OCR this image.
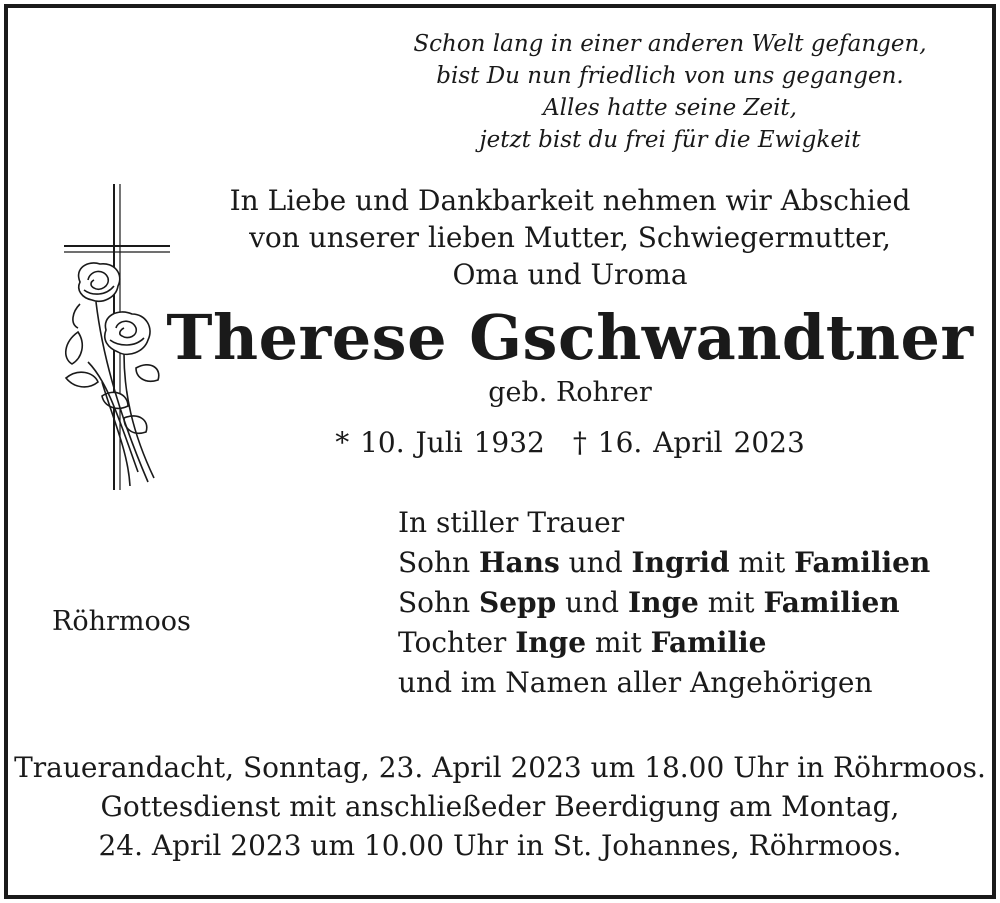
Schon lang in einer anderen Welt gefangen,
bist Du nun friedlich von uns gegangen.
Alles hatte seine Zeit,
jetzt bist du frei für die Ewigkeit
In Liebe und Dankbarkeit nehmen wir Abschied
von unserer lieben Mutter, Schwiegermutter,
Oma und Uroma
Therese Gschwandtner
geb. Rohrer
* 10. Juli 1932 † 16. April 2023
In stiller Trauer
Sohn Hans und Ingrid mit Familien
Sohn Sepp und Inge mit Familien
Tochter Inge mit Familie
und im Namen aller Angehörigen
Röhrmoos
Trauerandacht, Sonntag, 23. April 2023 um 18.00 Uhr in Röhrmoos.
Gottesdienst mit anschließeder Beerdigung am Montag,
24. April 2023 um 10.00 Uhr in St. Johannes, Röhrmoos.
